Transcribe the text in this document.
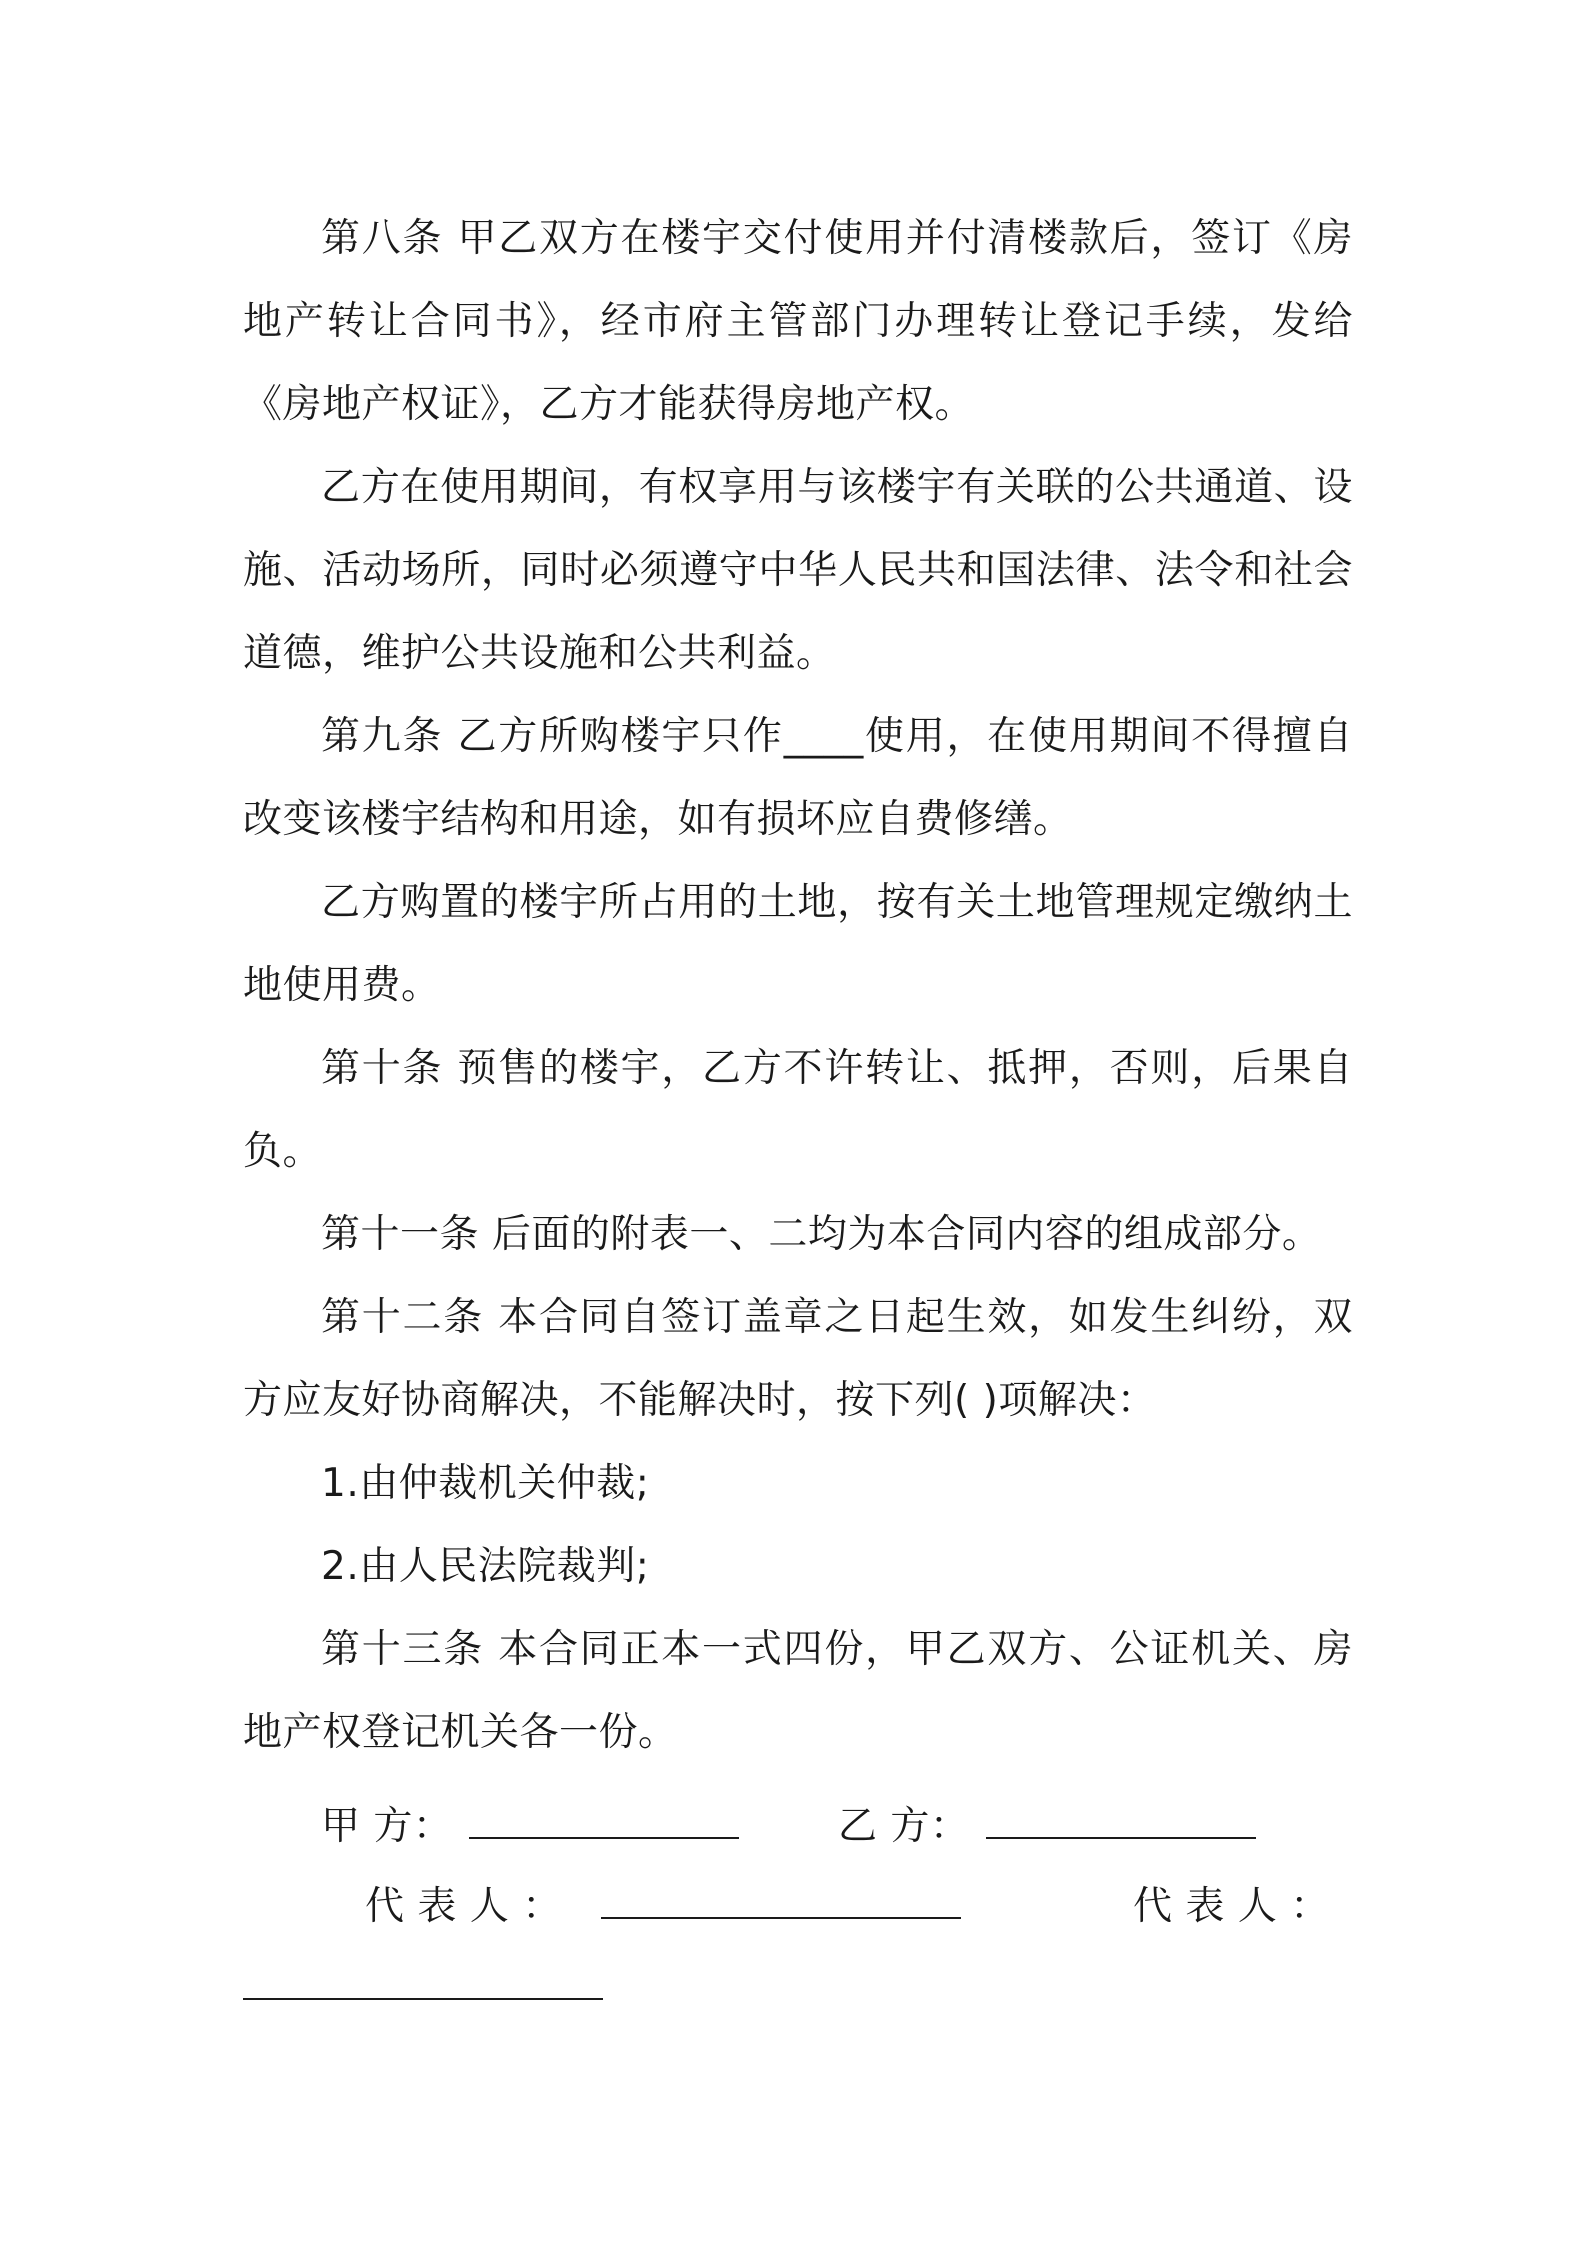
第八条 甲乙双方在楼宇交付使用并付清楼款后，签订《房地产转让合同书》，经市府主管部门办理转让登记手续，发给《房地产权证》，乙方才能获得房地产权。

乙方在使用期间，有权享用与该楼宇有关联的公共通道、设施、活动场所，同时必须遵守中华人民共和国法律、法令和社会道德，维护公共设施和公共利益。

第九条 乙方所购楼宇只作____使用，在使用期间不得擅自改变该楼宇结构和用途，如有损坏应自费修缮。

乙方购置的楼宇所占用的土地，按有关土地管理规定缴纳土地使用费。

第十条 预售的楼宇，乙方不许转让、抵押，否则，后果自负。

第十一条 后面的附表一、二均为本合同内容的组成部分。

第十二条 本合同自签订盖章之日起生效，如发生纠纷，双方应友好协商解决，不能解决时，按下列( )项解决：

1.由仲裁机关仲裁;

2.由人民法院裁判;

第十三条 本合同正本一式四份，甲乙双方、公证机关、房地产权登记机关各一份。

甲 方：	乙 方：
代 表 人 ：	代 表 人 ：
